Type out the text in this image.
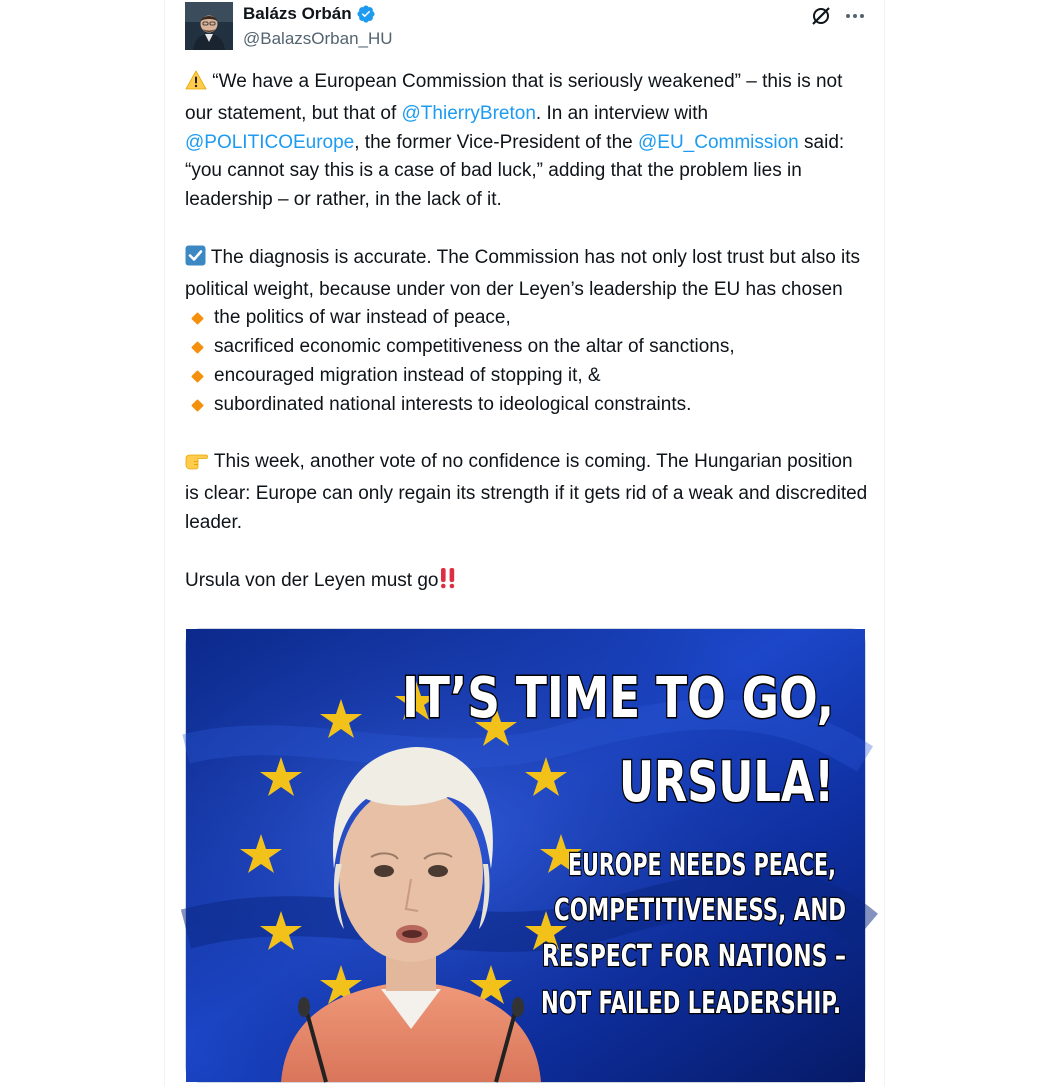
Balázs Orbán
@BalazsOrban_HU

“We have a European Commission that is seriously weakened” – this is not our statement, but that of @ThierryBreton. In an interview with @POLITICOEurope, the former Vice-President of the @EU_Commission said: “you cannot say this is a case of bad luck,” adding that the problem lies in leadership – or rather, in the lack of it.

The diagnosis is accurate. The Commission has not only lost trust but also its political weight, because under von der Leyen’s leadership the EU has chosen

the politics of war instead of peace,
sacrificed economic competitiveness on the altar of sanctions,
encouraged migration instead of stopping it, &
subordinated national interests to ideological constraints.

This week, another vote of no confidence is coming. The Hungarian position is clear: Europe can only regain its strength if it gets rid of a weak and discredited leader.

Ursula von der Leyen must go

IT’S TIME TO GO,
URSULA!
EUROPE NEEDS PEACE,
COMPETITIVENESS, AND
RESPECT FOR NATIONS –
NOT FAILED LEADERSHIP.
